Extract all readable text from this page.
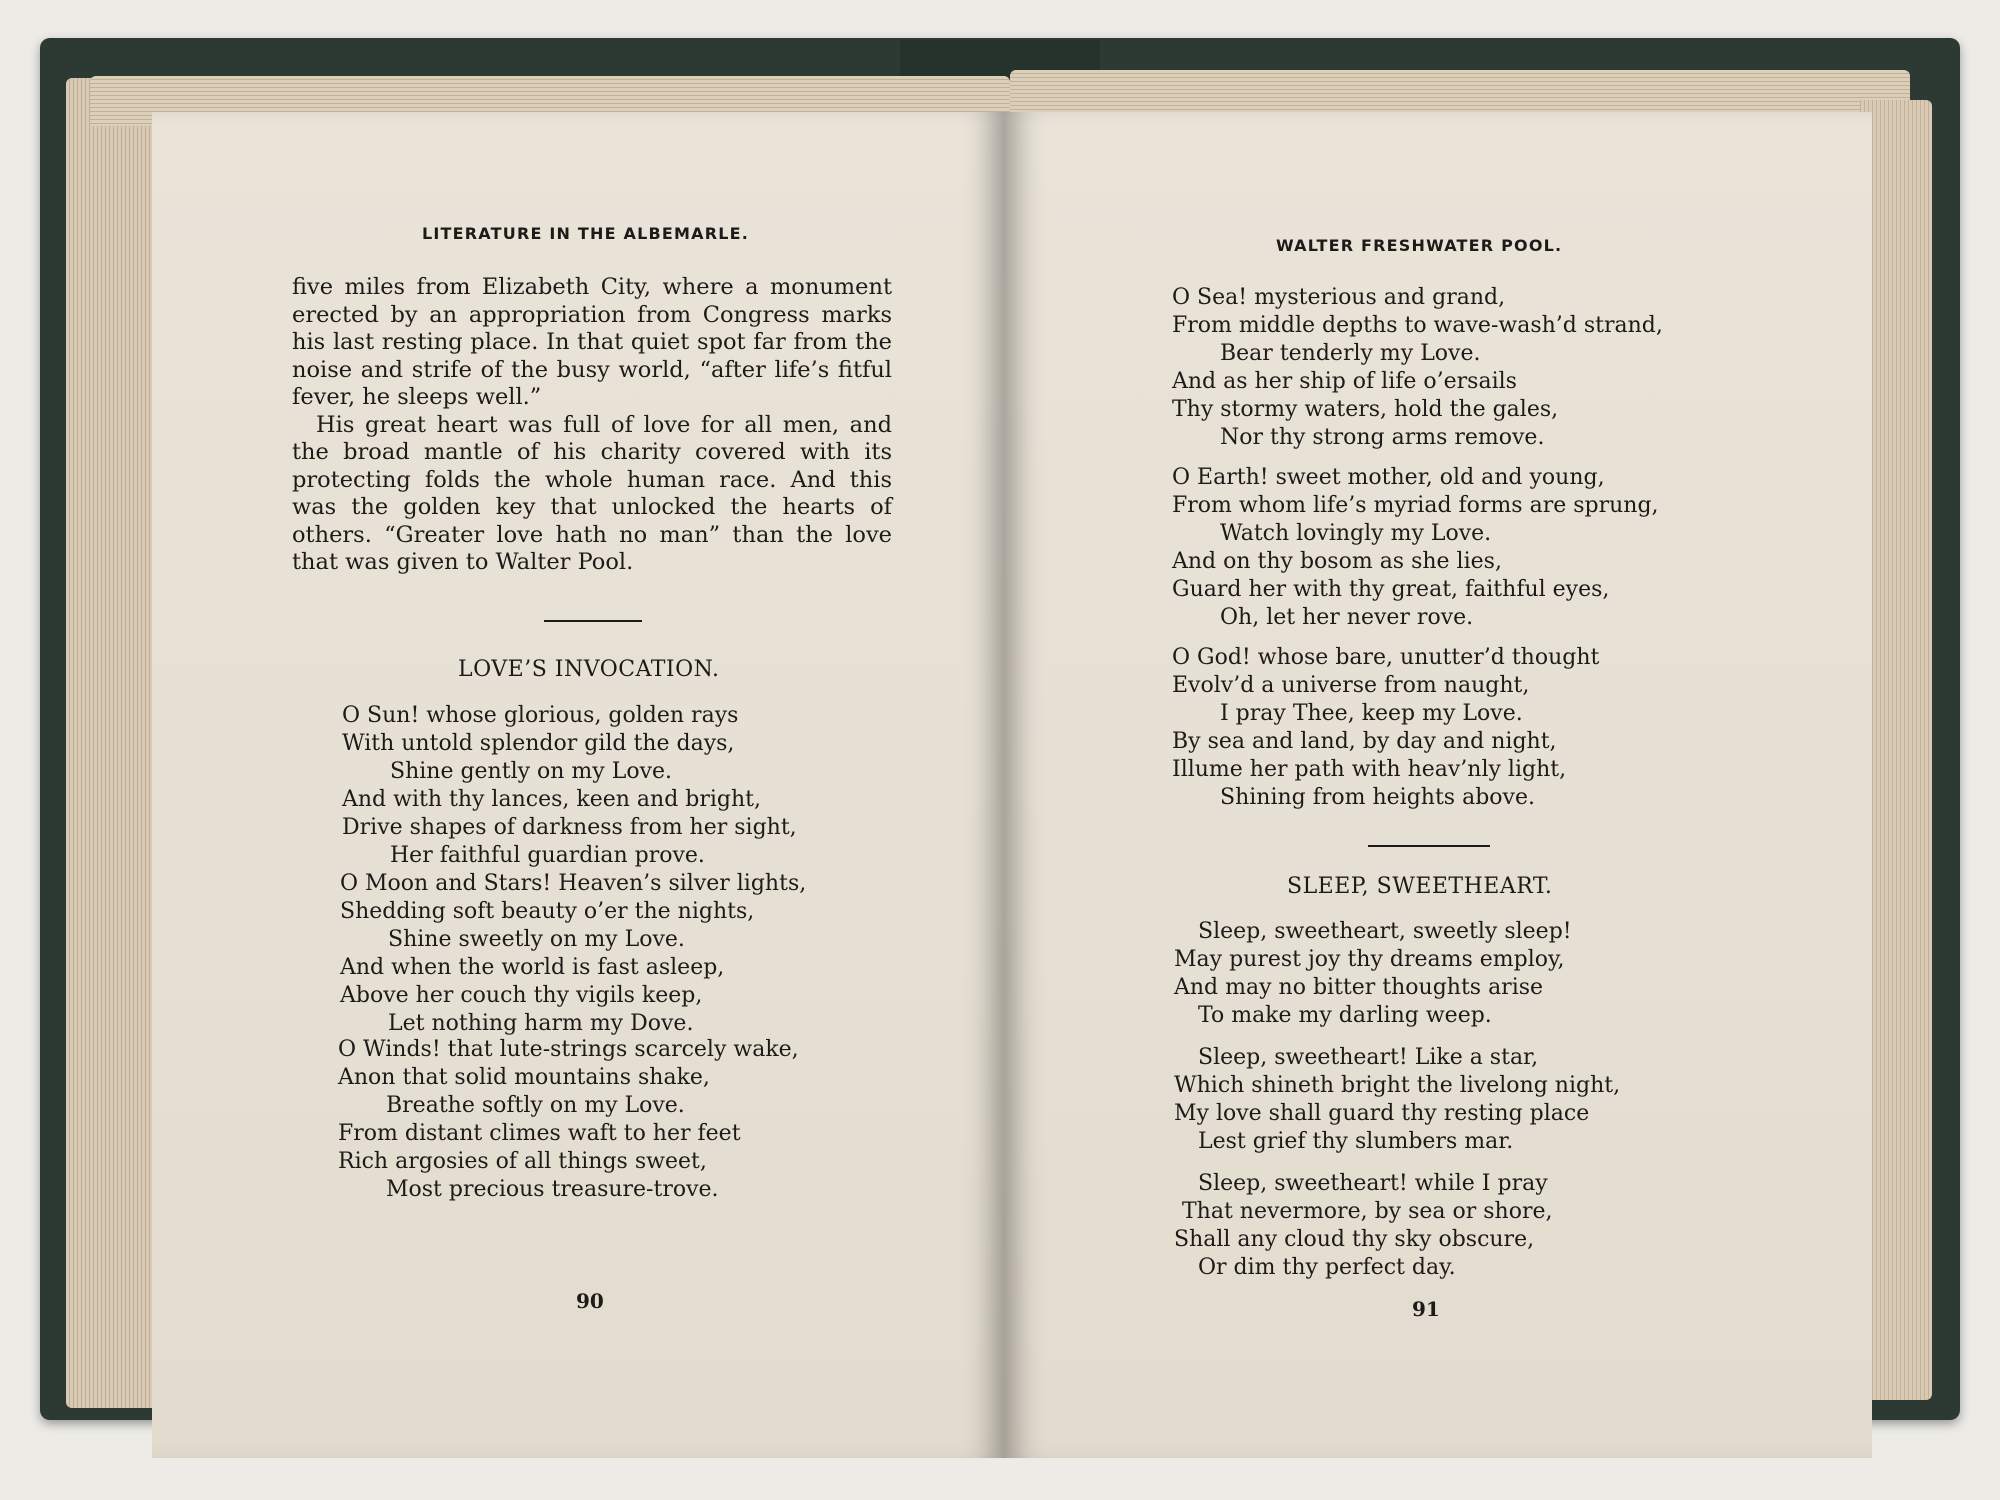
LITERATURE IN THE ALBEMARLE.

five miles from Elizabeth City, where a monument erected by an appropriation from Congress marks his last resting place. In that quiet spot far from the noise and strife of the busy world, “after life’s fitful fever, he sleeps well.”

His great heart was full of love for all men, and the broad mantle of his charity covered with its protecting folds the whole human race. And this was the golden key that unlocked the hearts of others. “Greater love hath no man” than the love that was given to Walter Pool.

LOVE’S INVOCATION.
O Sun! whose glorious, golden rays
With untold splendor gild the days,
Shine gently on my Love.
And with thy lances, keen and bright,
Drive shapes of darkness from her sight,
Her faithful guardian prove.
O Moon and Stars! Heaven’s silver lights,
Shedding soft beauty o’er the nights,
Shine sweetly on my Love.
And when the world is fast asleep,
Above her couch thy vigils keep,
Let nothing harm my Dove.
O Winds! that lute-strings scarcely wake,
Anon that solid mountains shake,
Breathe softly on my Love.
From distant climes waft to her feet
Rich argosies of all things sweet,
Most precious treasure-trove.
90
WALTER FRESHWATER POOL.
O Sea! mysterious and grand,
From middle depths to wave-wash’d strand,
Bear tenderly my Love.
And as her ship of life o’ersails
Thy stormy waters, hold the gales,
Nor thy strong arms remove.
O Earth! sweet mother, old and young,
From whom life’s myriad forms are sprung,
Watch lovingly my Love.
And on thy bosom as she lies,
Guard her with thy great, faithful eyes,
Oh, let her never rove.
O God! whose bare, unutter’d thought
Evolv’d a universe from naught,
I pray Thee, keep my Love.
By sea and land, by day and night,
Illume her path with heav’nly light,
Shining from heights above.
SLEEP, SWEETHEART.
Sleep, sweetheart, sweetly sleep!
May purest joy thy dreams employ,
And may no bitter thoughts arise
To make my darling weep.
Sleep, sweetheart! Like a star,
Which shineth bright the livelong night,
My love shall guard thy resting place
Lest grief thy slumbers mar.
Sleep, sweetheart! while I pray
That nevermore, by sea or shore,
Shall any cloud thy sky obscure,
Or dim thy perfect day.
91
